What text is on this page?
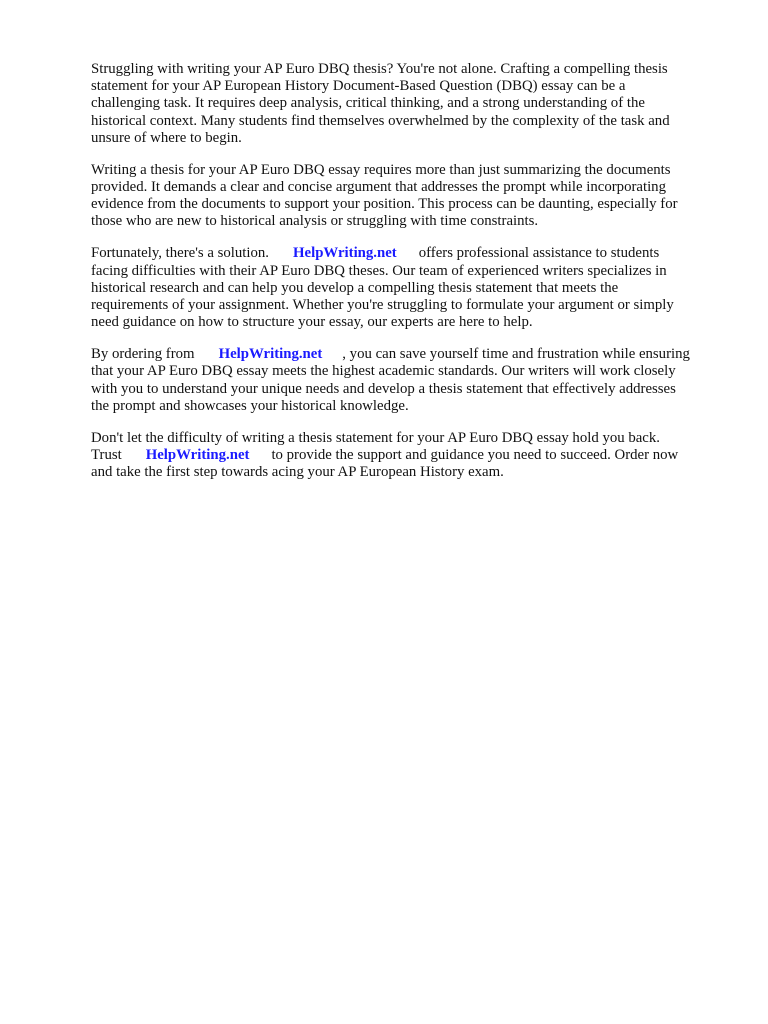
Struggling with writing your AP Euro DBQ thesis? You're not alone. Crafting a compelling thesis
statement for your AP European History Document-Based Question (DBQ) essay can be a
challenging task. It requires deep analysis, critical thinking, and a strong understanding of the
historical context. Many students find themselves overwhelmed by the complexity of the task and
unsure of where to begin.

Writing a thesis for your AP Euro DBQ essay requires more than just summarizing the documents
provided. It demands a clear and concise argument that addresses the prompt while incorporating
evidence from the documents to support your position. This process can be daunting, especially for
those who are new to historical analysis or struggling with time constraints.

Fortunately, there's a solution. HelpWriting.net offers professional assistance to students
facing difficulties with their AP Euro DBQ theses. Our team of experienced writers specializes in
historical research and can help you develop a compelling thesis statement that meets the
requirements of your assignment. Whether you're struggling to formulate your argument or simply
need guidance on how to structure your essay, our experts are here to help.

By ordering from HelpWriting.net , you can save yourself time and frustration while ensuring
that your AP Euro DBQ essay meets the highest academic standards. Our writers will work closely
with you to understand your unique needs and develop a thesis statement that effectively addresses
the prompt and showcases your historical knowledge.

Don't let the difficulty of writing a thesis statement for your AP Euro DBQ essay hold you back.
Trust HelpWriting.net to provide the support and guidance you need to succeed. Order now
and take the first step towards acing your AP European History exam.
